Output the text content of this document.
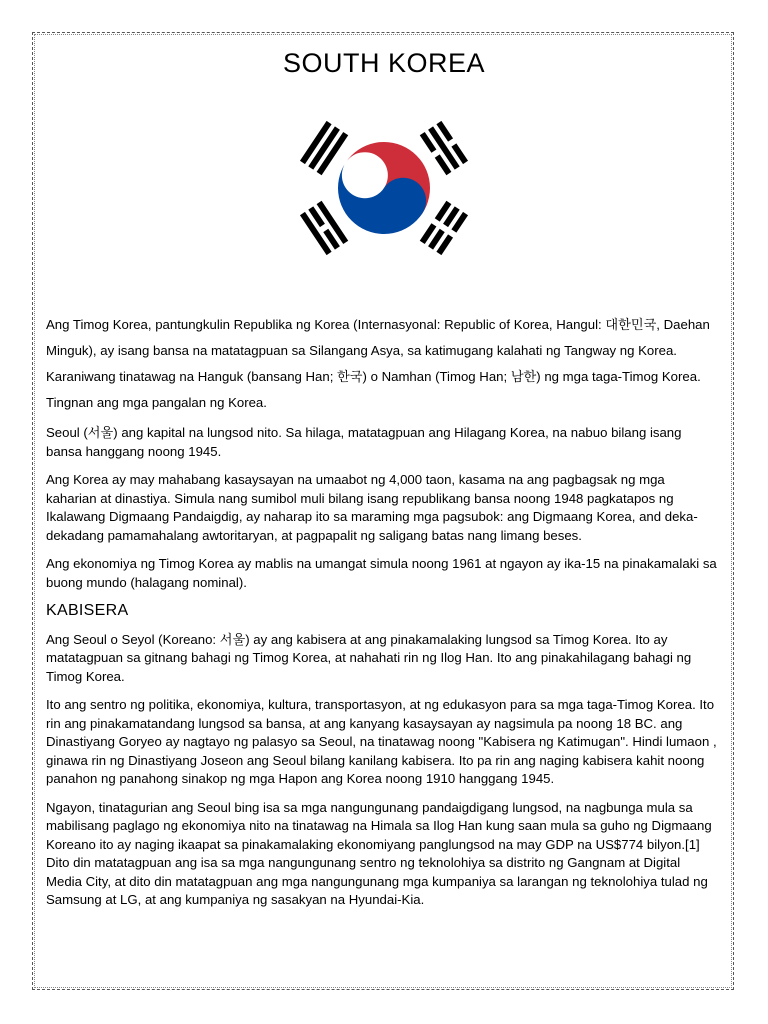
SOUTH KOREA

Ang Timog Korea, pantungkulin Republika ng Korea (Internasyonal: Republic of Korea, Hangul: 대한민국, Daehan Minguk), ay isang bansa na matatagpuan sa Silangang Asya, sa katimugang kalahati ng Tangway ng Korea. Karaniwang tinatawag na Hanguk (bansang Han; 한국) o Namhan (Timog Han; 남한) ng mga taga-Timog Korea. Tingnan ang mga pangalan ng Korea.

Seoul (서울) ang kapital na lungsod nito. Sa hilaga, matatagpuan ang Hilagang Korea, na nabuo bilang isang bansa hanggang noong 1945.

Ang Korea ay may mahabang kasaysayan na umaabot ng 4,000 taon, kasama na ang pagbagsak ng mga kaharian at dinastiya. Simula nang sumibol muli bilang isang republikang bansa noong 1948 pagkatapos ng Ikalawang Digmaang Pandaigdig, ay naharap ito sa maraming mga pagsubok: ang Digmaang Korea, and deka-dekadang pamamahalang awtoritaryan, at pagpapalit ng saligang batas nang limang beses.

Ang ekonomiya ng Timog Korea ay mablis na umangat simula noong 1961 at ngayon ay ika-15 na pinakamalaki sa buong mundo (halagang nominal).

KABISERA

Ang Seoul o Seyol (Koreano: 서울) ay ang kabisera at ang pinakamalaking lungsod sa Timog Korea. Ito ay matatagpuan sa gitnang bahagi ng Timog Korea, at nahahati rin ng Ilog Han. Ito ang pinakahilagang bahagi ng Timog Korea.

Ito ang sentro ng politika, ekonomiya, kultura, transportasyon, at ng edukasyon para sa mga taga-Timog Korea. Ito rin ang pinakamatandang lungsod sa bansa, at ang kanyang kasaysayan ay nagsimula pa noong 18 BC. ang Dinastiyang Goryeo ay nagtayo ng palasyo sa Seoul, na tinatawag noong "Kabisera ng Katimugan". Hindi lumaon , ginawa rin ng Dinastiyang Joseon ang Seoul bilang kanilang kabisera. Ito pa rin ang naging kabisera kahit noong panahon ng panahong sinakop ng mga Hapon ang Korea noong 1910 hanggang 1945.

Ngayon, tinatagurian ang Seoul bing isa sa mga nangungunang pandaigdigang lungsod, na nagbunga mula sa mabilisang paglago ng ekonomiya nito na tinatawag na Himala sa Ilog Han kung saan mula sa guho ng Digmaang Koreano ito ay naging ikaapat sa pinakamalaking ekonomiyang panglungsod na may GDP na US$774 bilyon.[1] Dito din matatagpuan ang isa sa mga nangungunang sentro ng teknolohiya sa distrito ng Gangnam at Digital Media City, at dito din matatagpuan ang mga nangungunang mga kumpaniya sa larangan ng teknolohiya tulad ng Samsung at LG, at ang kumpaniya ng sasakyan na Hyundai-Kia.
